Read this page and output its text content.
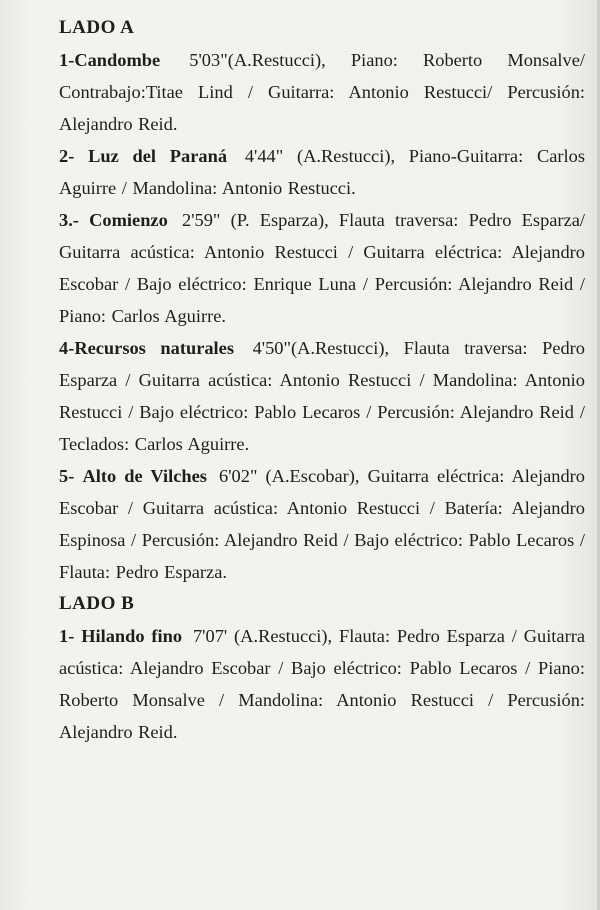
LADO A

1-Candombe 5'03"(A.Restucci), Piano: Roberto Monsalve/ Contrabajo:Titae Lind / Guitarra: Antonio Restucci/ Percusión: Alejandro Reid.

2- Luz del Paraná 4'44" (A.Restucci), Piano-Guitarra: Carlos Aguirre / Mandolina: Antonio Restucci.

3.- Comienzo 2'59" (P. Esparza), Flauta traversa: Pedro Esparza/ Guitarra acústica: Antonio Restucci / Guitarra eléctrica: Alejandro Escobar / Bajo eléctrico: Enrique Luna / Percusión: Alejandro Reid / Piano: Carlos Aguirre.

4-Recursos naturales 4'50"(A.Restucci), Flauta traversa: Pedro Esparza / Guitarra acústica: Antonio Restucci / Mandolina: Antonio Restucci / Bajo eléctrico: Pablo Lecaros / Percusión: Alejandro Reid / Teclados: Carlos Aguirre.

5- Alto de Vilches 6'02" (A.Escobar), Guitarra eléctrica: Alejandro Escobar / Guitarra acústica: Antonio Restucci / Batería: Alejandro Espinosa / Percusión: Alejandro Reid / Bajo eléctrico: Pablo Lecaros / Flauta: Pedro Esparza.

LADO B

1- Hilando fino 7'07' (A.Restucci), Flauta: Pedro Esparza / Guitarra acústica: Alejandro Escobar / Bajo eléctrico: Pablo Lecaros / Piano: Roberto Monsalve / Mandolina: Antonio Restucci / Percusión: Alejandro Reid.
